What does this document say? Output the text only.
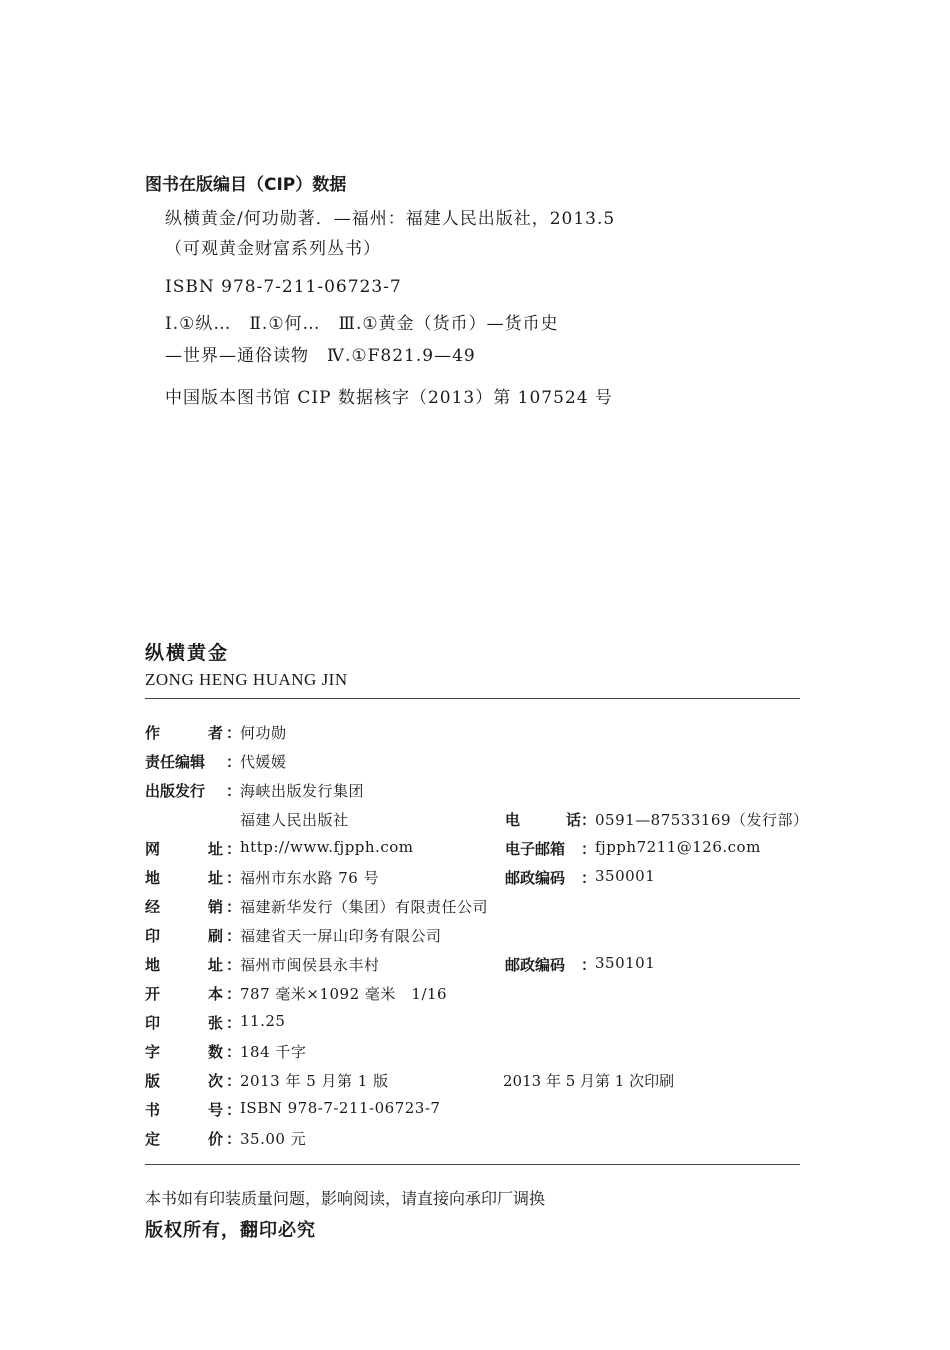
图书在版编目（CIP）数据
纵横黄金/何功勋著．—福州：福建人民出版社，2013.5
（可观黄金财富系列丛书）
ISBN 978-7-211-06723-7
Ⅰ.①纵…　Ⅱ.①何…　Ⅲ.①黄金（货币）—货币史
—世界—通俗读物　Ⅳ.①F821.9—49
中国版本图书馆 CIP 数据核字（2013）第 107524 号
纵横黄金
ZONG HENG HUANG JIN
作	者 ：
何功勋
责任编辑 ：
代媛媛
出版发行 ：
海峡出版发行集团
福建人民出版社	电	话 ：
0591—87533169（发行部）
网	址 ：
http://www.fjpph.com	电子邮箱 ：
fjpph7211@126.com
地	址 ：
福州市东水路 76 号	邮政编码 ：
350001
经	销 ：
福建新华发行（集团）有限责任公司
印	刷 ：
福建省天一屏山印务有限公司
地	址 ：
福州市闽侯县永丰村	邮政编码 ：
350101
开	本 ：
787 毫米×1092 毫米　1/16
印	张 ：
11.25
字	数 ：
184 千字
版	次 ：
2013 年 5 月第 1 版	2013 年 5 月第 1 次印刷
书	号 ：
ISBN 978-7-211-06723-7
定	价 ：
35.00 元
本书如有印装质量问题，影响阅读，请直接向承印厂调换
版权所有，翻印必究
